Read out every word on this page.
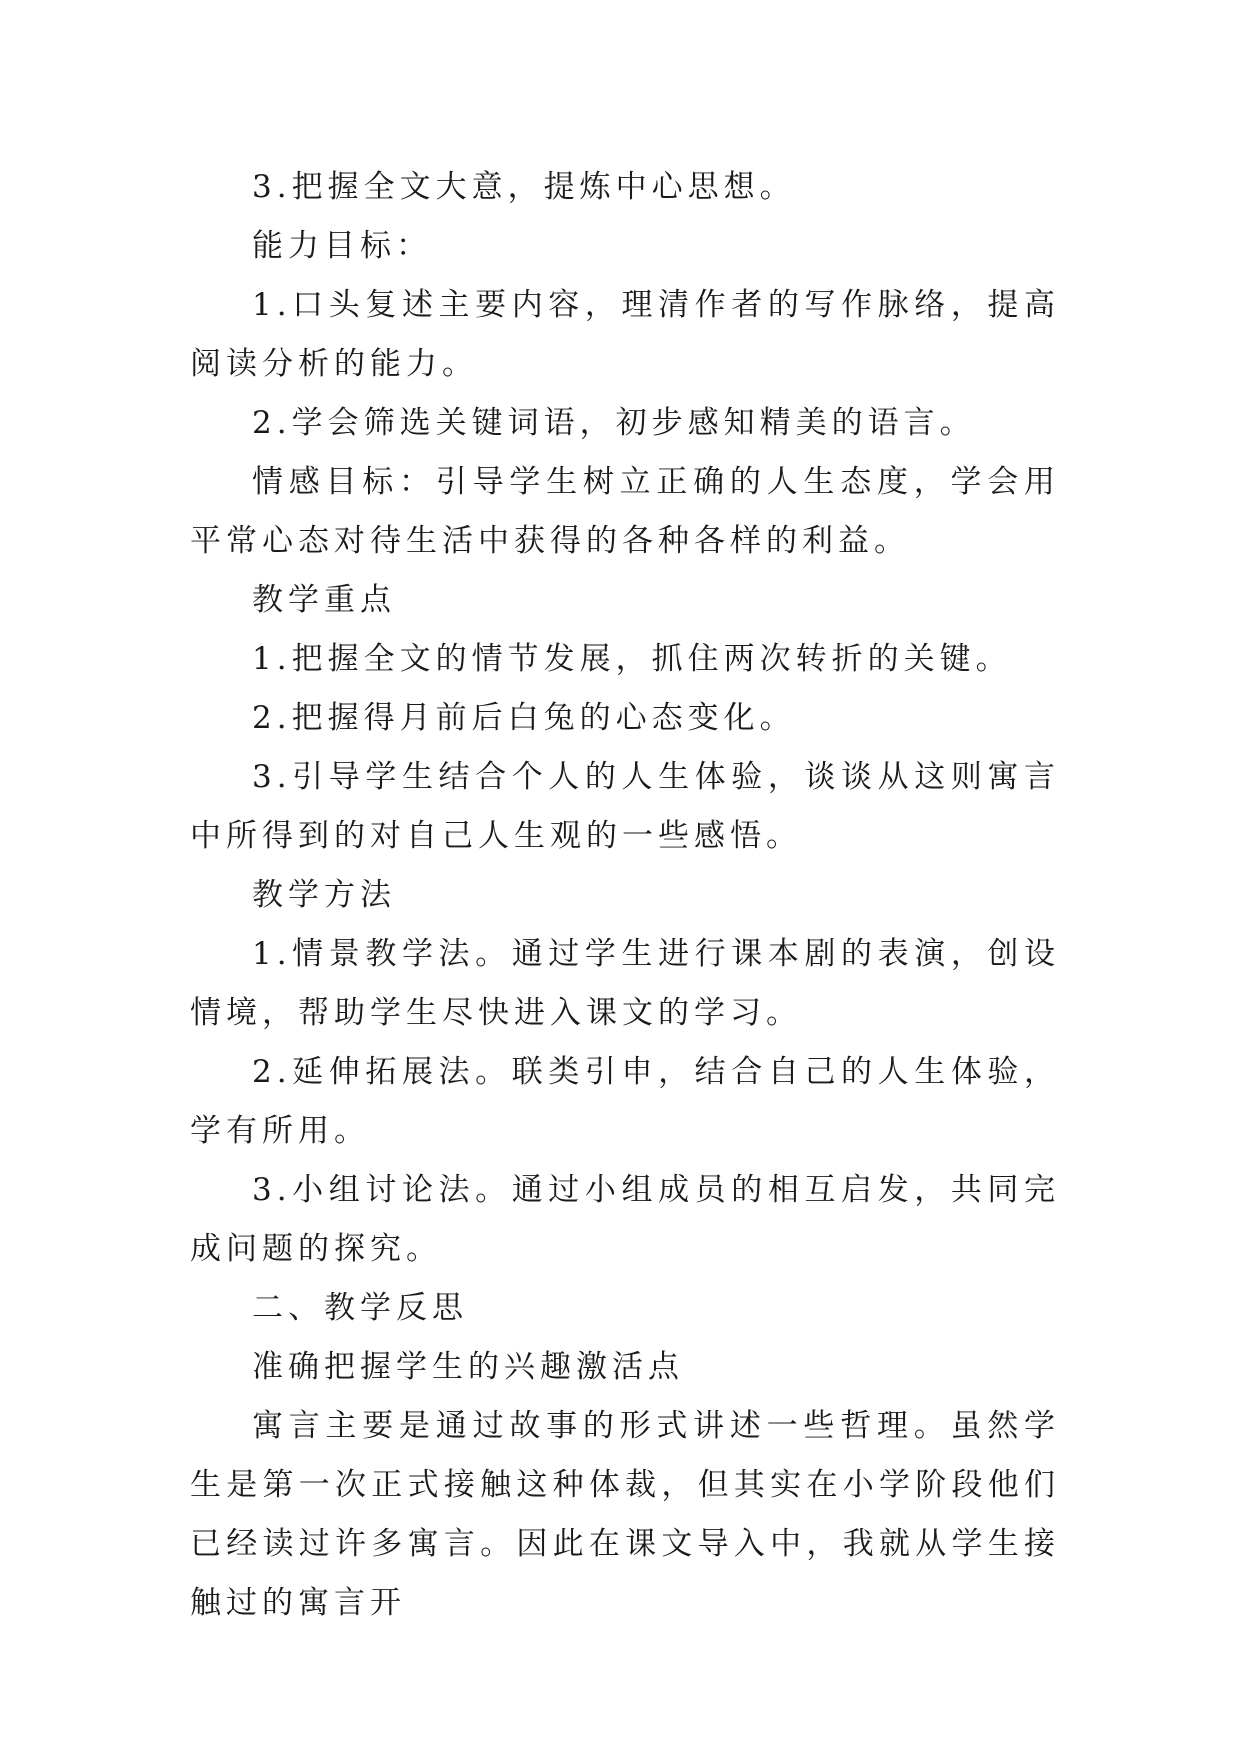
3.把握全文大意，提炼中心思想。

能力目标：

1.口头复述主要内容，理清作者的写作脉络，提高阅读分析的能力。

2.学会筛选关键词语，初步感知精美的语言。

情感目标：引导学生树立正确的人生态度，学会用平常心态对待生活中获得的各种各样的利益。

教学重点

1.把握全文的情节发展，抓住两次转折的关键。

2.把握得月前后白兔的心态变化。

3.引导学生结合个人的人生体验，谈谈从这则寓言中所得到的对自己人生观的一些感悟。

教学方法

1.情景教学法。通过学生进行课本剧的表演，创设情境，帮助学生尽快进入课文的学习。

2.延伸拓展法。联类引申，结合自己的人生体验，学有所用。

3.小组讨论法。通过小组成员的相互启发，共同完成问题的探究。

二、教学反思

准确把握学生的兴趣激活点

寓言主要是通过故事的形式讲述一些哲理。虽然学生是第一次正式接触这种体裁，但其实在小学阶段他们已经读过许多寓言。因此在课文导入中，我就从学生接触过的寓言开
